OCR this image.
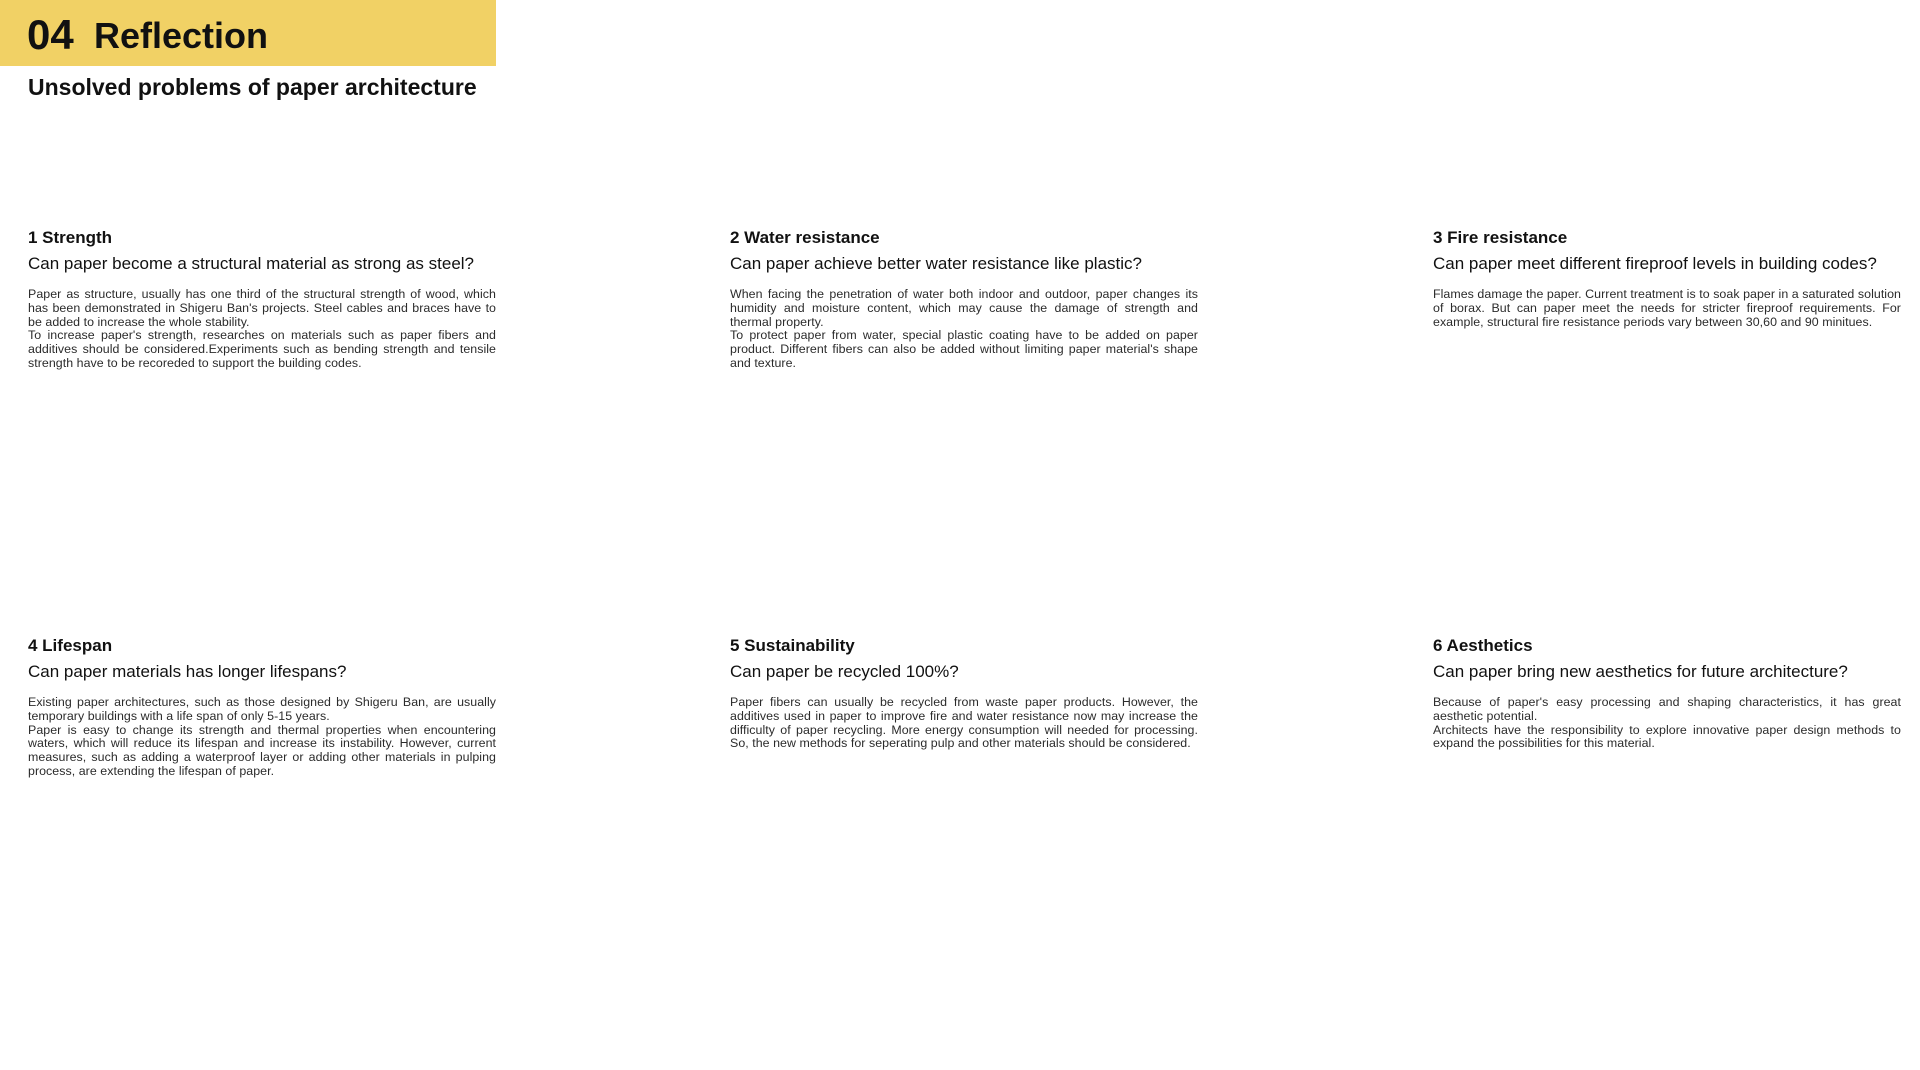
04 Reflection
Unsolved problems of paper architecture
1 Strength
Can paper become a structural material as strong as steel?

Paper as structure, usually has one third of the structural strength of wood, which has been demonstrated in Shigeru Ban's projects. Steel cables and braces have to be added to increase the whole stability.

To increase paper's strength, researches on materials such as paper fibers and additives should be considered.Experiments such as bending strength and tensile strength have to be recoreded to support the building codes.

2 Water resistance
Can paper achieve better water resistance like plastic?

When facing the penetration of water both indoor and outdoor, paper changes its humidity and moisture content, which may cause the damage of strength and thermal property.

To protect paper from water, special plastic coating have to be added on paper product. Different fibers can also be added without limiting paper material's shape and texture.

3 Fire resistance
Can paper meet different fireproof levels in building codes?

Flames damage the paper. Current treatment is to soak paper in a saturated solution of borax. But can paper meet the needs for stricter fireproof requirements. For example, structural fire resistance periods vary between 30,60 and 90 minitues.

4 Lifespan
Can paper materials has longer lifespans?

Existing paper architectures, such as those designed by Shigeru Ban, are usually temporary buildings with a life span of only 5-15 years.

Paper is easy to change its strength and thermal properties when encountering waters, which will reduce its lifespan and increase its instability. However, current measures, such as adding a waterproof layer or adding other materials in pulping process, are extending the lifespan of paper.

5 Sustainability
Can paper be recycled 100%?

Paper fibers can usually be recycled from waste paper products. However, the additives used in paper to improve fire and water resistance now may increase the difficulty of paper recycling. More energy consumption will needed for processing. So, the new methods for seperating pulp and other materials should be considered.

6 Aesthetics
Can paper bring new aesthetics for future architecture?

Because of paper's easy processing and shaping characteristics, it has great aesthetic potential.

Architects have the responsibility to explore innovative paper design methods to expand the possibilities for this material.
